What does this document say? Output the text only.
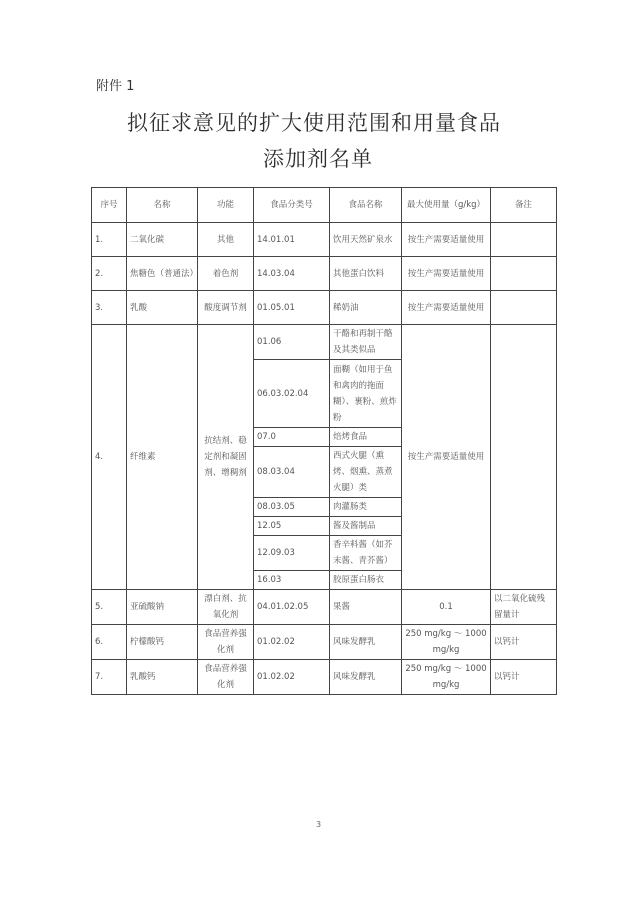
附件 1
拟征求意见的扩大使用范围和用量食品
添加剂名单
序号	名称	功能	食品分类号	食品名称	最大使用量（g/kg）	备注
1.	二氧化碳	其他	14.01.01	饮用天然矿泉水	按生产需要适量使用	
2.	焦糖色（普通法）	着色剂	14.03.04	其他蛋白饮料	按生产需要适量使用	
3.	乳酸	酸度调节剂	01.05.01	稀奶油	按生产需要适量使用	
4.	纤维素	抗结剂、稳定剂和凝固剂、增稠剂	01.06	干酪和再制干酪及其类似品	按生产需要适量使用	
			06.03.02.04	面糊（如用于鱼和禽肉的拖面糊）、裹粉、煎炸粉		
			07.0	焙烤食品		
			08.03.04	西式火腿（熏烤、烟熏、蒸煮火腿）类		
			08.03.05	肉灌肠类		
			12.05	酱及酱制品		
			12.09.03	香辛料酱（如芥末酱、青芥酱）		
			16.03	胶原蛋白肠衣		
5.	亚硫酸钠	漂白剂、抗氧化剂	04.01.02.05	果酱	0.1	以二氧化硫残留量计
6.	柠檬酸钙	食品营养强化剂	01.02.02	风味发酵乳	250 mg/kg ～ 1000 mg/kg	以钙计
7.	乳酸钙	食品营养强化剂	01.02.02	风味发酵乳	250 mg/kg ～ 1000 mg/kg	以钙计
3
